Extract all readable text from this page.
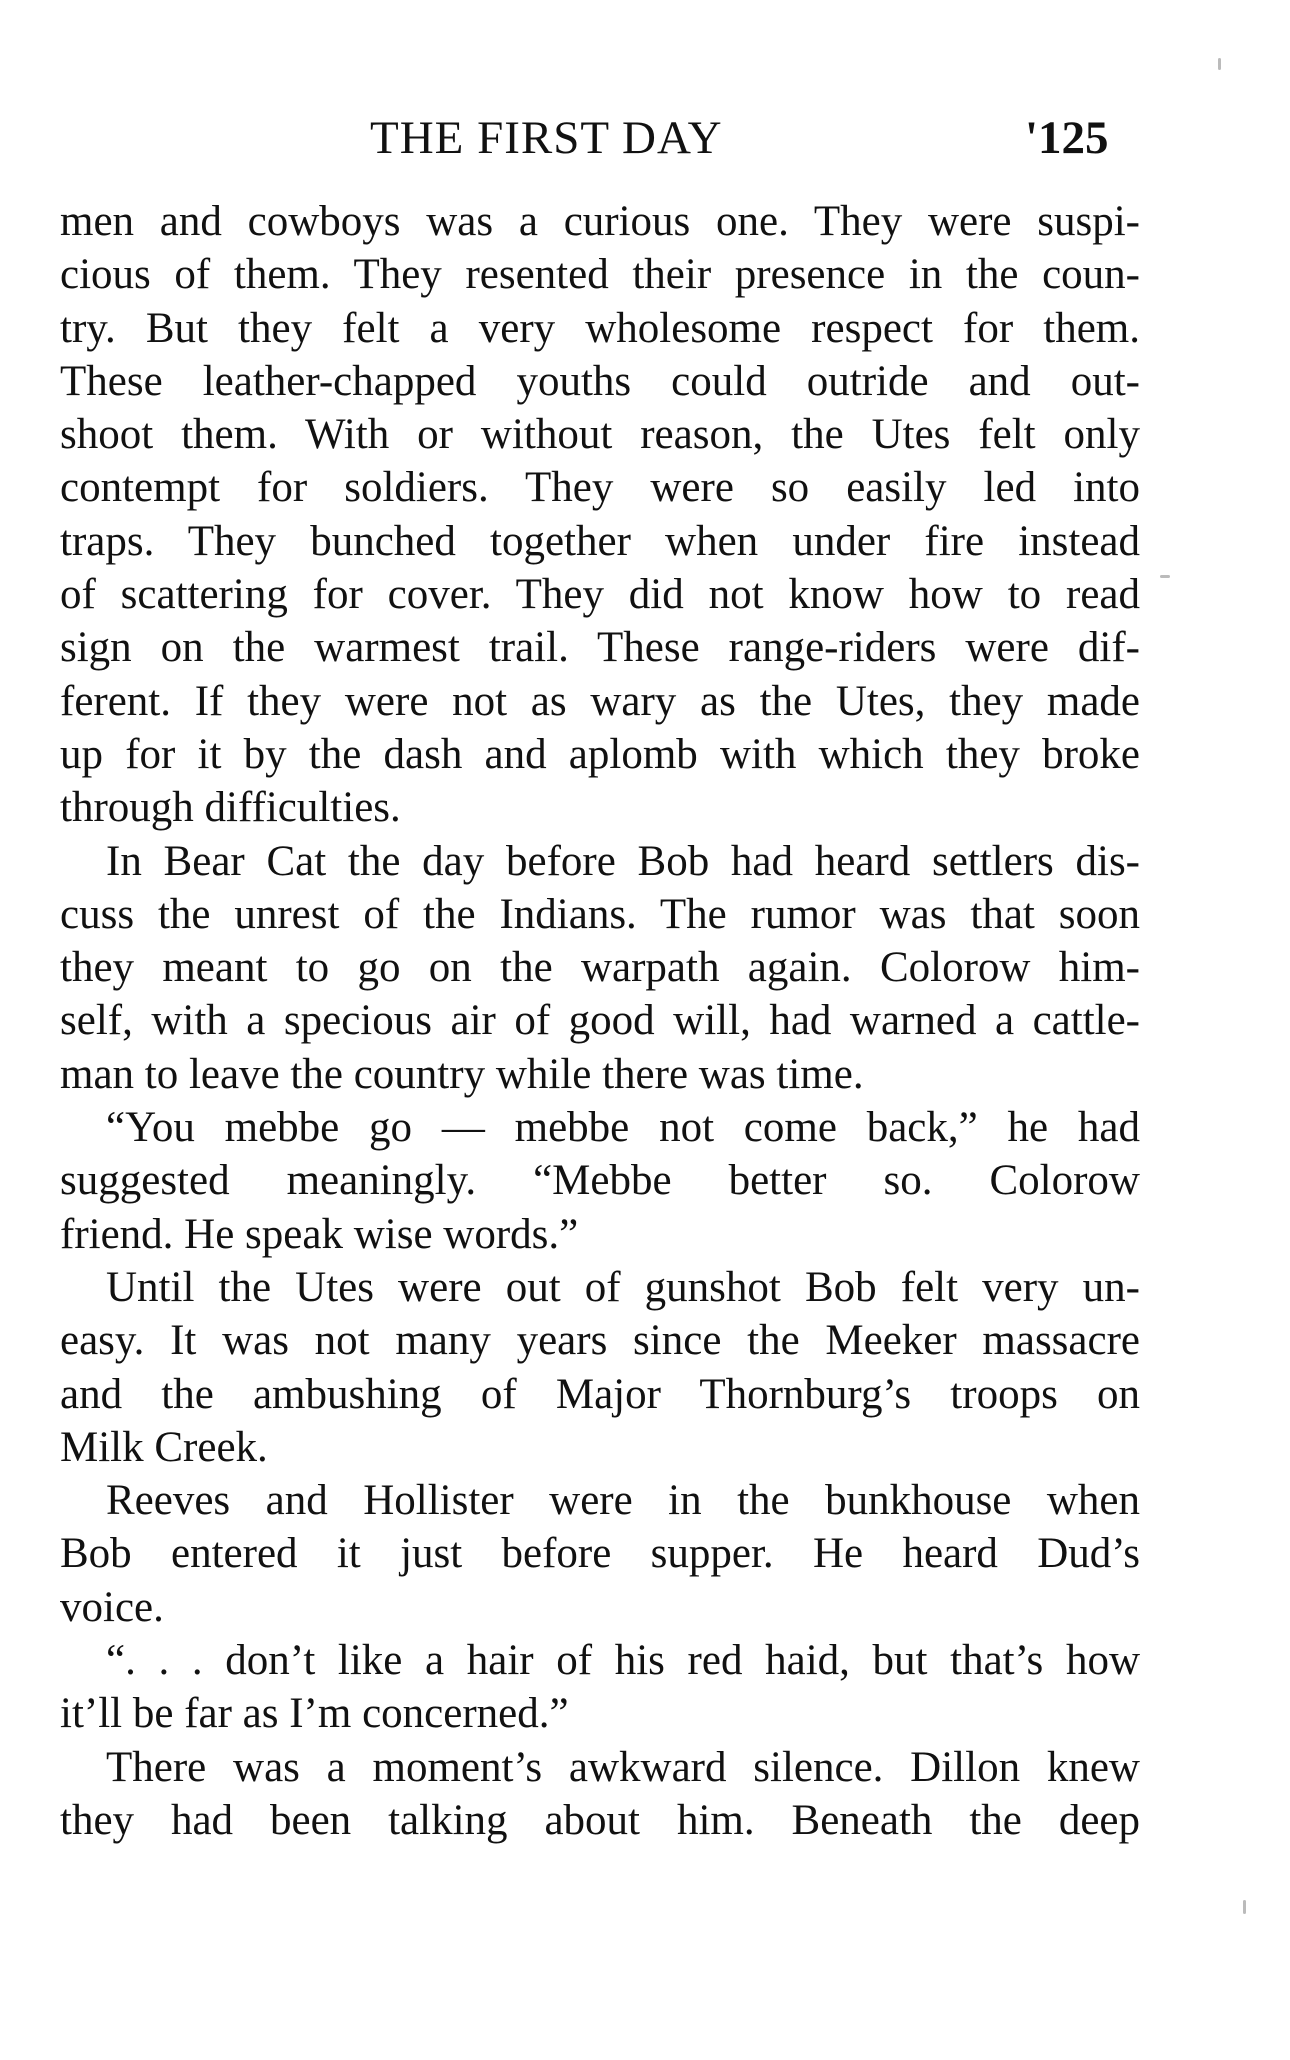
THE FIRST DAY	'125
men and cowboys was a curious one. They were suspi-
cious of them. They resented their presence in the coun-
try. But they felt a very wholesome respect for them.
These leather-chapped youths could outride and out-
shoot them. With or without reason, the Utes felt only
contempt for soldiers. They were so easily led into
traps. They bunched together when under fire instead
of scattering for cover. They did not know how to read
sign on the warmest trail. These range-riders were dif-
ferent. If they were not as wary as the Utes, they made
up for it by the dash and aplomb with which they broke
through difficulties.
In Bear Cat the day before Bob had heard settlers dis-
cuss the unrest of the Indians. The rumor was that soon
they meant to go on the warpath again. Colorow him-
self, with a specious air of good will, had warned a cattle-
man to leave the country while there was time.
“You mebbe go — mebbe not come back,” he had
suggested meaningly. “Mebbe better so. Colorow
friend. He speak wise words.”
Until the Utes were out of gunshot Bob felt very un-
easy. It was not many years since the Meeker massacre
and the ambushing of Major Thornburg’s troops on
Milk Creek.
Reeves and Hollister were in the bunkhouse when
Bob entered it just before supper. He heard Dud’s
voice.
“. . . don’t like a hair of his red haid, but that’s how
it’ll be far as I’m concerned.”
There was a moment’s awkward silence. Dillon knew
they had been talking about him. Beneath the deep
